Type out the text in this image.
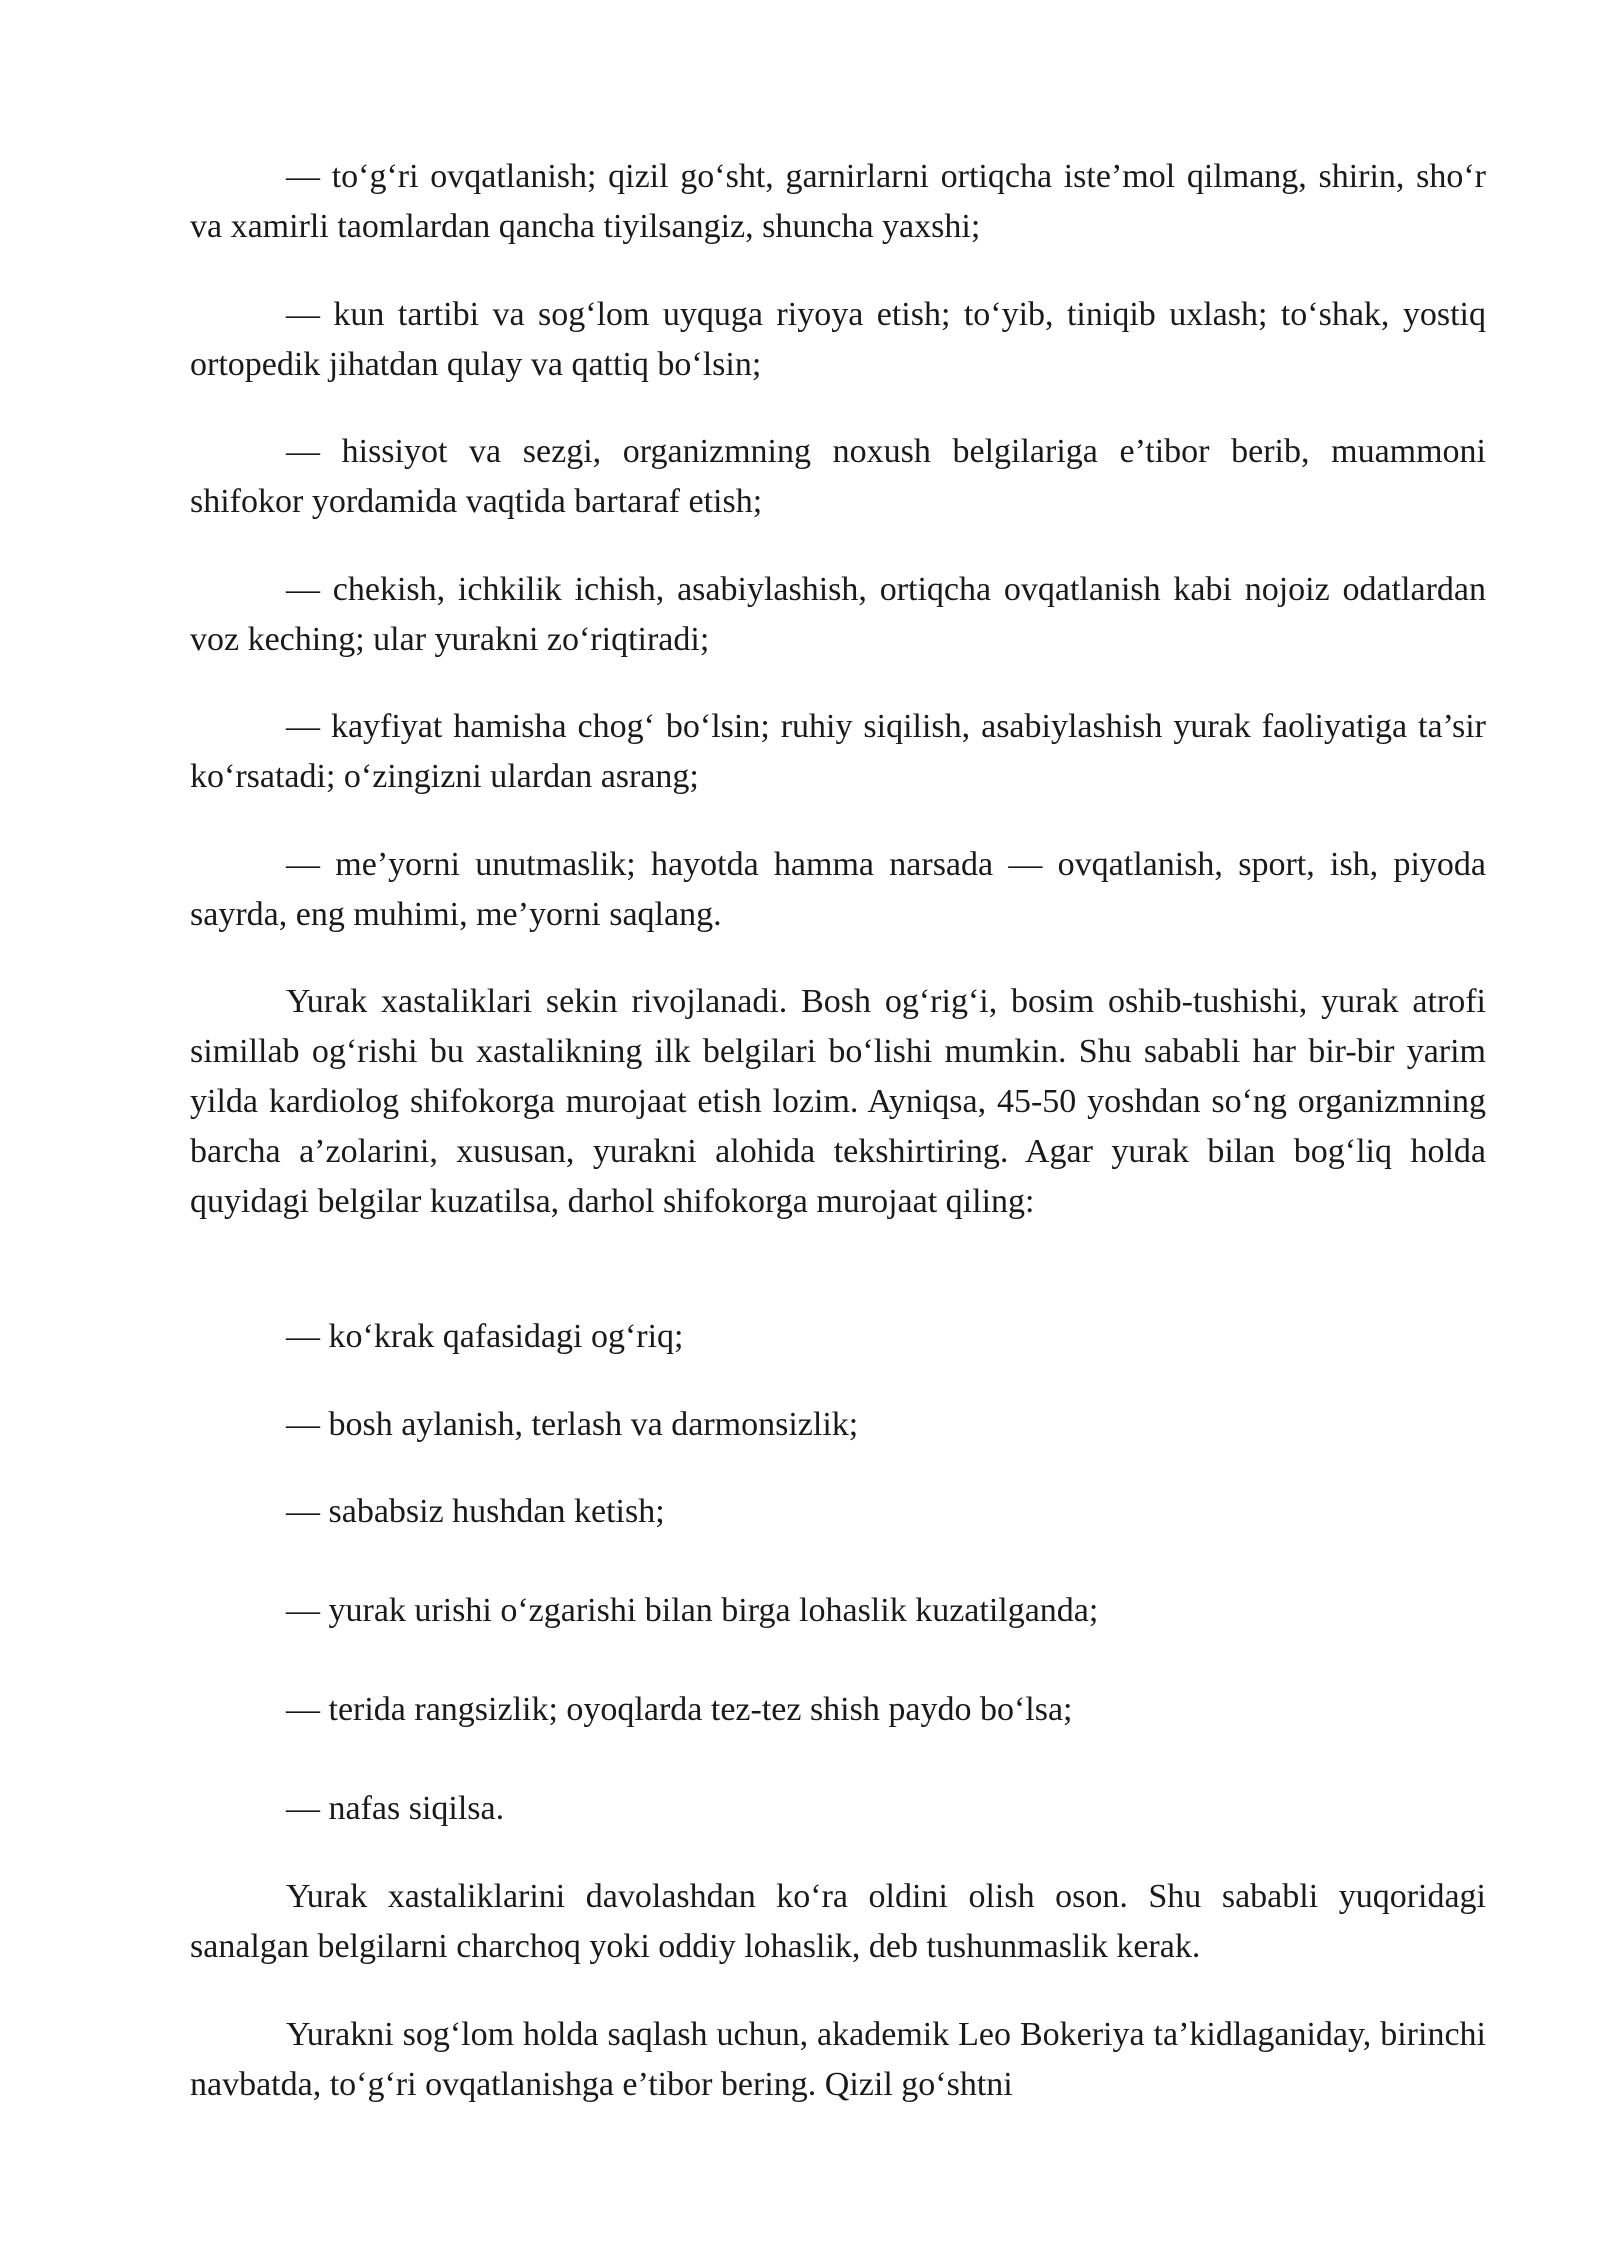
— to‘g‘ri ovqatlanish; qizil go‘sht, garnirlarni ortiqcha iste’mol qilmang, shirin, sho‘r va xamirli taomlardan qancha tiyilsangiz, shuncha yaxshi;

— kun tartibi va sog‘lom uyquga riyoya etish; to‘yib, tiniqib uxlash; to‘shak, yostiq ortopedik jihatdan qulay va qattiq bo‘lsin;

— hissiyot va sezgi, organizmning noxush belgilariga e’tibor berib, muammoni shifokor yordamida vaqtida bartaraf etish;

— chekish, ichkilik ichish, asabiylashish, ortiqcha ovqatlanish kabi nojoiz odatlardan voz keching; ular yurakni zo‘riqtiradi;

— kayfiyat hamisha chog‘ bo‘lsin; ruhiy siqilish, asabiylashish yurak faoliyatiga ta’sir ko‘rsatadi; o‘zingizni ulardan asrang;

— me’yorni unutmaslik; hayotda hamma narsada — ovqatlanish, sport, ish, piyoda sayrda, eng muhimi, me’yorni saqlang.

Yurak xastaliklari sekin rivojlanadi. Bosh og‘rig‘i, bosim oshib-tushishi, yurak atrofi simillab og‘rishi bu xastalikning ilk belgilari bo‘lishi mumkin. Shu sababli har bir-bir yarim yilda kardiolog shifokorga murojaat etish lozim. Ayniqsa, 45-50 yoshdan so‘ng organizmning barcha a’zolarini, xususan, yurakni alohida tekshirtiring. Agar yurak bilan bog‘liq holda quyidagi belgilar kuzatilsa, darhol shifokorga murojaat qiling:

— ko‘krak qafasidagi og‘riq;

— bosh aylanish, terlash va darmonsizlik;

— sababsiz hushdan ketish;

— yurak urishi o‘zgarishi bilan birga lohaslik kuzatilganda;

— terida rangsizlik; oyoqlarda tez-tez shish paydo bo‘lsa;

— nafas siqilsa.

Yurak xastaliklarini davolashdan ko‘ra oldini olish oson. Shu sababli yuqoridagi sanalgan belgilarni charchoq yoki oddiy lohaslik, deb tushunmaslik kerak.

Yurakni sog‘lom holda saqlash uchun, akademik Leo Bokeriya ta’kidlaganiday, birinchi navbatda, to‘g‘ri ovqatlanishga e’tibor bering. Qizil go‘shtni
